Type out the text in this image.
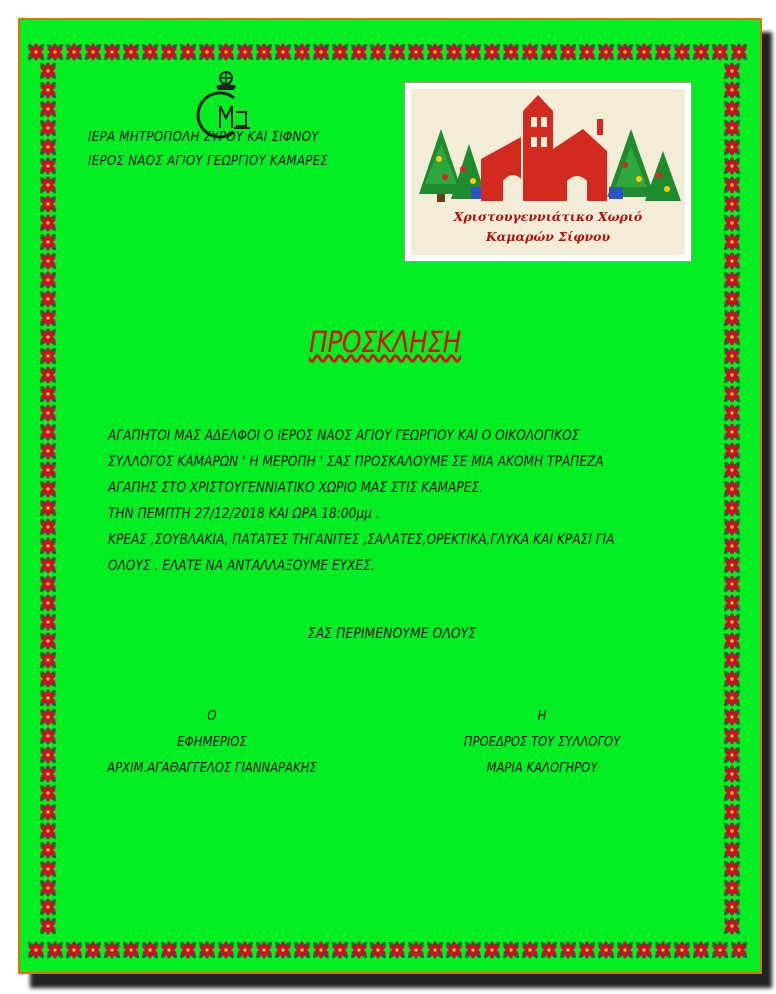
ΙΕΡΑ ΜΗΤΡΟΠΟΛΗ ΣΥΡΟΥ ΚΑΙ ΣΙΦΝΟΥ
ΙΕΡΟΣ ΝΑΟΣ ΑΓΙΟΥ ΓΕΩΡΓΙΟΥ ΚΑΜΑΡΕΣ
Χριστουγεννιάτικο Χωριό
Καμαρών Σίφνου
ΠΡΟΣΚΛΗΣΗ
ΑΓΑΠΗΤΟΙ ΜΑΣ ΑΔΕΛΦΟΙ Ο ΙΕΡΟΣ ΝΑΟΣ ΑΓΙΟΥ ΓΕΩΡΓΙΟΥ ΚΑΙ Ο ΟΙΚΟΛΟΓΙΚΟΣ
ΣΥΛΛΟΓΟΣ ΚΑΜΑΡΩΝ ' Η ΜΕΡΟΠΗ ' ΣΑΣ ΠΡΟΣΚΑΛΟΥΜΕ ΣΕ ΜΙΑ ΑΚΟΜΗ ΤΡΑΠΕΖΑ
ΑΓΑΠΗΣ ΣΤΟ ΧΡΙΣΤΟΥΓΕΝΝΙΑΤΙΚΟ ΧΩΡΙΟ ΜΑΣ ΣΤΙΣ ΚΑΜΑΡΕΣ.
ΤΗΝ ΠΕΜΠΤΗ 27/12/2018 ΚΑΙ ΩΡΑ 18:00μμ .
ΚΡΕΑΣ ,ΣΟΥΒΛΑΚΙΑ, ΠΑΤΑΤΕΣ ΤΗΓΑΝΙΤΕΣ ,ΣΑΛΑΤΕΣ,ΟΡΕΚΤΙΚΑ,ΓΛΥΚΑ ΚΑΙ ΚΡΑΣΙ ΓΙΑ
ΟΛΟΥΣ . ΕΛΑΤΕ ΝΑ ΑΝΤΑΛΛΑΞΟΥΜΕ ΕΥΧΕΣ.
ΣΑΣ ΠΕΡΙΜΕΝΟΥΜΕ ΟΛΟΥΣ
Ο
ΕΦΗΜΕΡΙΟΣ
ΑΡΧΙΜ.ΑΓΑΘΑΓΓΕΛΟΣ ΓΙΑΝΝΑΡΑΚΗΣ
Η
ΠΡΟΕΔΡΟΣ ΤΟΥ ΣΥΛΛΟΓΟΥ
ΜΑΡΙΑ ΚΑΛΟΓΗΡΟΥ
